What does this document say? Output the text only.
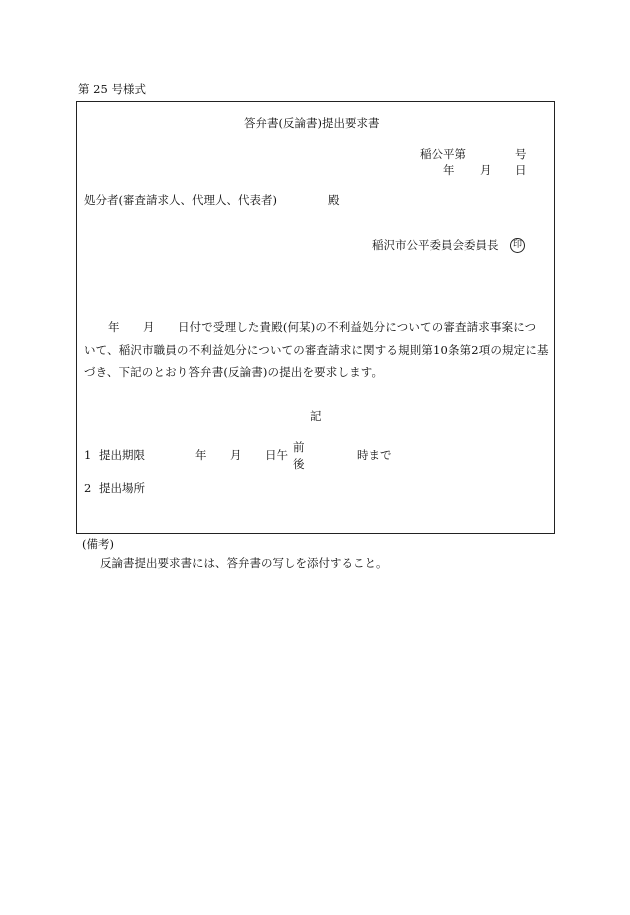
第 25 号様式
答弁書(反論書)提出要求書
稲公平第	号
年 月 日
処分者(審査請求人、代理人、代表者)	殿
稲沢市公平委員会委員長	印
年 月 日付で受理した貴殿(何某)の不利益処分についての審査請求事案につ
いて、稲沢市職員の不利益処分についての審査請求に関する規則第10条第2項の規定に基
づき、下記のとおり答弁書(反論書)の提出を要求します。
記
1 提出期限	年 月 日午
前
後
時まで
2 提出場所
(備考)
反論書提出要求書には、答弁書の写しを添付すること。
